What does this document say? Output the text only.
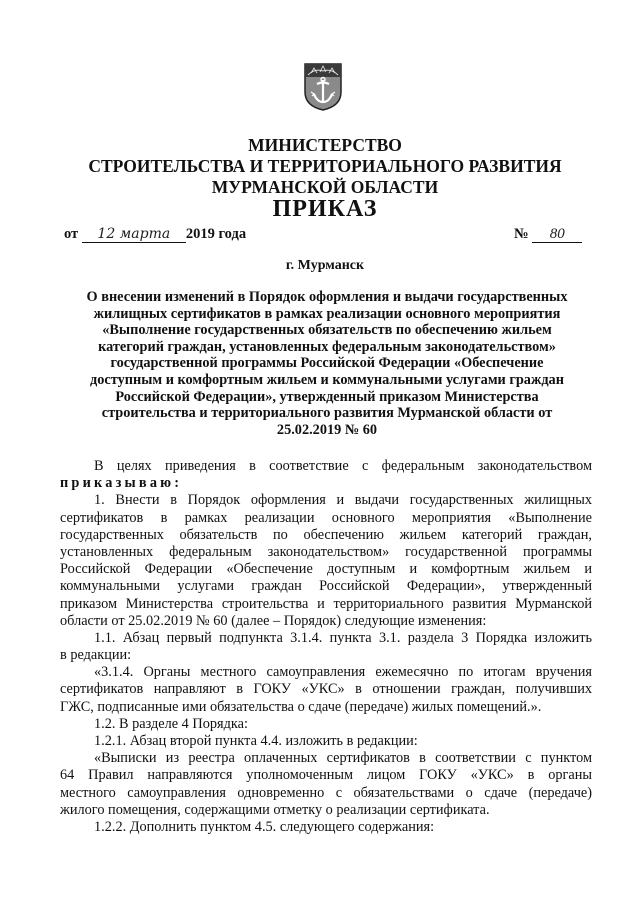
МИНИСТЕРСТВО
СТРОИТЕЛЬСТВА И ТЕРРИТОРИАЛЬНОГО РАЗВИТИЯ
МУРМАНСКОЙ ОБЛАСТИ
ПРИКАЗ
от 12 марта 2019 года	№ 80
г. Мурманск
О внесении изменений в Порядок оформления и выдачи государственных
жилищных сертификатов в рамках реализации основного мероприятия
«Выполнение государственных обязательств по обеспечению жильем
категорий граждан, установленных федеральным законодательством»
государственной программы Российской Федерации «Обеспечение
доступным и комфортным жильем и коммунальными услугами граждан
Российской Федерации», утвержденный приказом Министерства
строительства и территориального развития Мурманской области от
25.02.2019 № 60
В целях приведения в соответствие с федеральным законодательством
приказываю:
1. Внести в Порядок оформления и выдачи государственных жилищных
сертификатов в рамках реализации основного мероприятия «Выполнение
государственных обязательств по обеспечению жильем категорий граждан,
установленных федеральным законодательством» государственной программы
Российской Федерации «Обеспечение доступным и комфортным жильем и
коммунальными услугами граждан Российской Федерации», утвержденный
приказом Министерства строительства и территориального развития Мурманской
области от 25.02.2019 № 60 (далее – Порядок) следующие изменения:
1.1. Абзац первый подпункта 3.1.4. пункта 3.1. раздела 3 Порядка изложить
в редакции:
«3.1.4. Органы местного самоуправления ежемесячно по итогам вручения
сертификатов направляют в ГОКУ «УКС» в отношении граждан, получивших
ГЖС, подписанные ими обязательства о сдаче (передаче) жилых помещений.».
1.2. В разделе 4 Порядка:
1.2.1. Абзац второй пункта 4.4. изложить в редакции:
«Выписки из реестра оплаченных сертификатов в соответствии с пунктом
64 Правил направляются уполномоченным лицом ГОКУ «УКС» в органы
местного самоуправления одновременно с обязательствами о сдаче (передаче)
жилого помещения, содержащими отметку о реализации сертификата.
1.2.2. Дополнить пунктом 4.5. следующего содержания:
